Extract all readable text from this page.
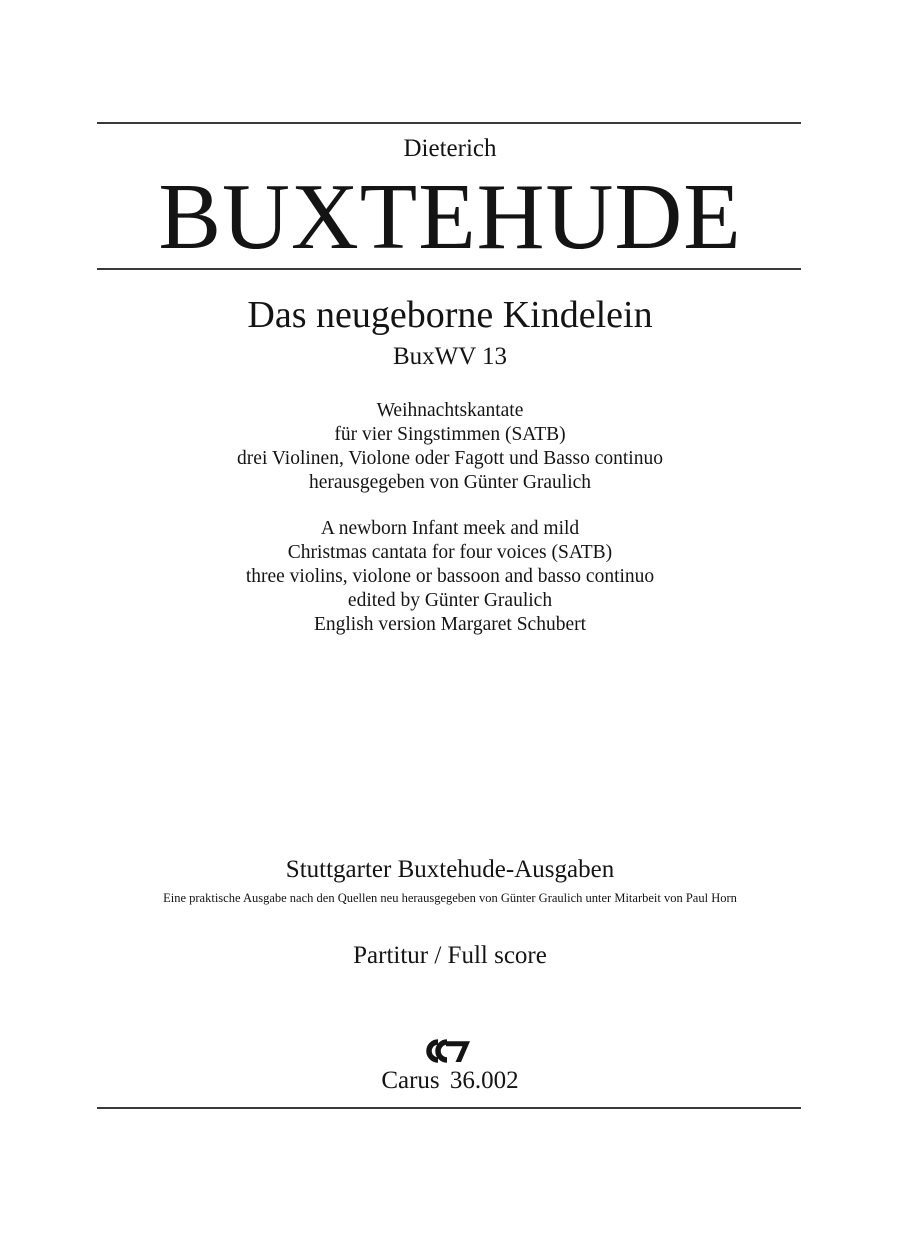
Dieterich
BUXTEHUDE
Das neugeborne Kindelein
BuxWV 13
Weihnachtskantate
für vier Singstimmen (SATB)
drei Violinen, Violone oder Fagott und Basso continuo
herausgegeben von Günter Graulich
A newborn Infant meek and mild
Christmas cantata for four voices (SATB)
three violins, violone or bassoon and basso continuo
edited by Günter Graulich
English version Margaret Schubert
Stuttgarter Buxtehude-Ausgaben
Eine praktische Ausgabe nach den Quellen neu herausgegeben von Günter Graulich unter Mitarbeit von Paul Horn
Partitur / Full score
Carus 36.002
